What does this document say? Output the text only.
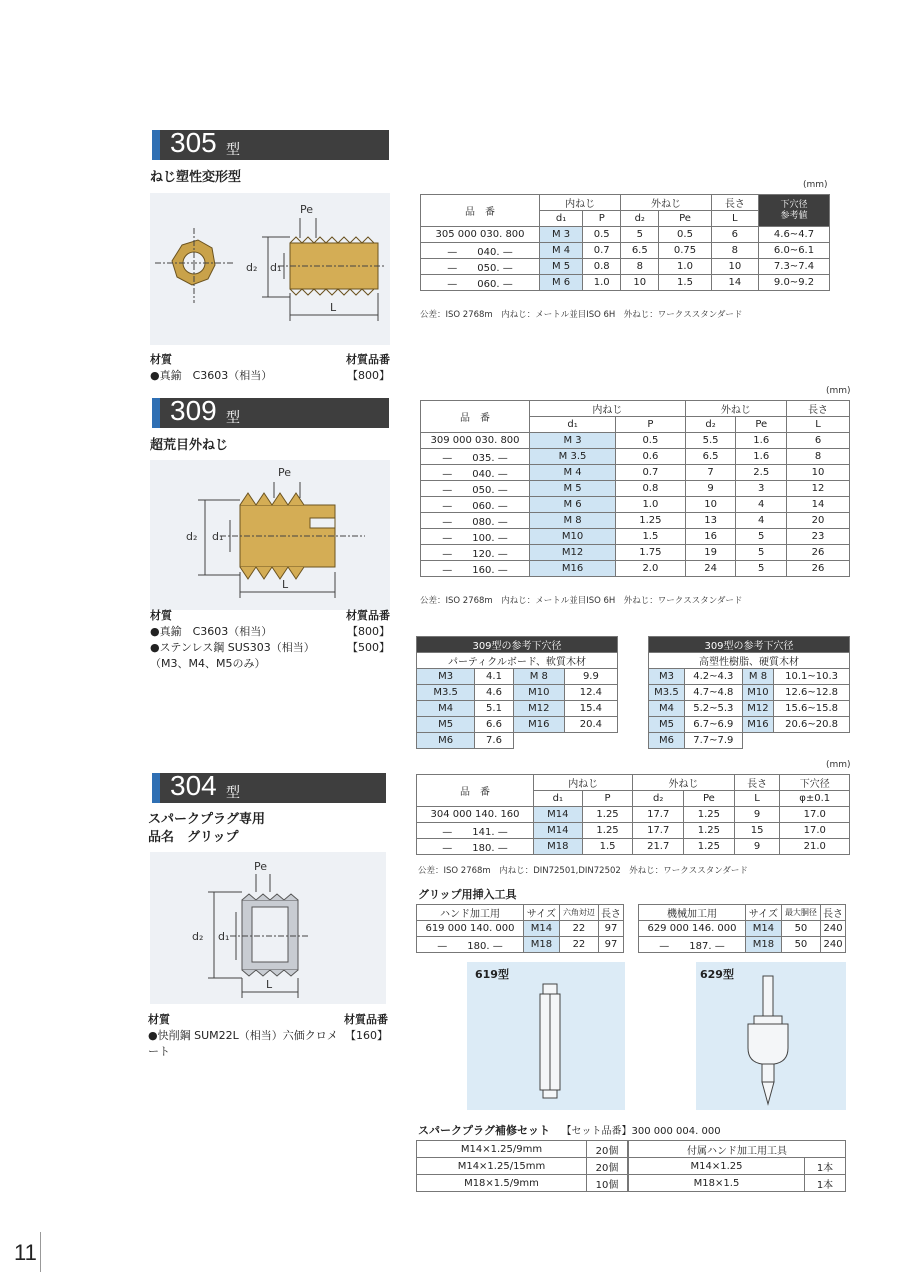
305 型
ねじ塑性変形型
Pe
d₂ d₁
L
材質	材質品番
●真鍮　C3603（相当）	【800】
(mm)
品　番	内ねじ		外ねじ		長さ	下穴径
参考値
	d₁	P	d₂	Pe	L	
305 000 030. 800	M 3	0.5	5	0.5	6	4.6~4.7
—　　040. —	M 4	0.7	6.5	0.75	8	6.0~6.1
—　　050. —	M 5	0.8	8	1.0	10	7.3~7.4
—　　060. —	M 6	1.0	10	1.5	14	9.0~9.2
公差：ISO 2768m　内ねじ：メートル並目ISO 6H　外ねじ：ワークススタンダード
309 型
超荒目外ねじ
Pe
d₂ d₁
L
材質	材質品番
●真鍮　C3603（相当）	【800】
●ステンレス鋼 SUS303（相当）	【500】
（M3、M4、M5のみ）
(mm)
品　番	内ねじ		外ねじ		長さ
	d₁	P	d₂	Pe	L
309 000 030. 800	M 3	0.5	5.5	1.6	6
—　　035. —	M 3.5	0.6	6.5	1.6	8
—　　040. —	M 4	0.7	7	2.5	10
—　　050. —	M 5	0.8	9	3	12
—　　060. —	M 6	1.0	10	4	14
—　　080. —	M 8	1.25	13	4	20
—　　100. —	M10	1.5	16	5	23
—　　120. —	M12	1.75	19	5	26
—　　160. —	M16	2.0	24	5	26
公差：ISO 2768m　内ねじ：メートル並目ISO 6H　外ねじ：ワークススタンダード
309型の参考下穴径			
パーティクルボード、軟質木材			
M3	4.1	M 8	9.9
M3.5	4.6	M10	12.4
M4	5.1	M12	15.4
M5	6.6	M16	20.4
M6	7.6		
309型の参考下穴径			
高塑性樹脂、硬質木材			
M3	4.2~4.3	M 8	10.1~10.3
M3.5	4.7~4.8	M10	12.6~12.8
M4	5.2~5.3	M12	15.6~15.8
M5	6.7~6.9	M16	20.6~20.8
M6	7.7~7.9		
304 型
スパークプラグ専用
品名　グリップ
Pe
d₂ d₁
L
材質	材質品番
●快削鋼 SUM22L（相当）六価クロメート
【160】
(mm)
品　番	内ねじ		外ねじ		長さ	下穴径
	d₁	P	d₂	Pe	L	φ±0.1
304 000 140. 160	M14	1.25	17.7	1.25	9	17.0
—　　141. —	M14	1.25	17.7	1.25	15	17.0
—　　180. —	M18	1.5	21.7	1.25	9	21.0
公差：ISO 2768m　内ねじ：DIN72501,DIN72502　外ねじ：ワークススタンダード
グリップ用挿入工具
ハンド加工用	サイズ	六角対辺	長さ
619 000 140. 000	M14	22	97
—　　180. —	M18	22	97
機械加工用	サイズ	最大胴径	長さ
629 000 146. 000	M14	50	240
—　　187. —	M18	50	240
619型	629型
スパークプラグ補修セット 【セット品番】300 000 004. 000
M14×1.25/9mm	20個
M14×1.25/15mm	20個
M18×1.5/9mm	10個
付属ハンド加工用工具	
M14×1.25	1本
M18×1.5	1本
11
